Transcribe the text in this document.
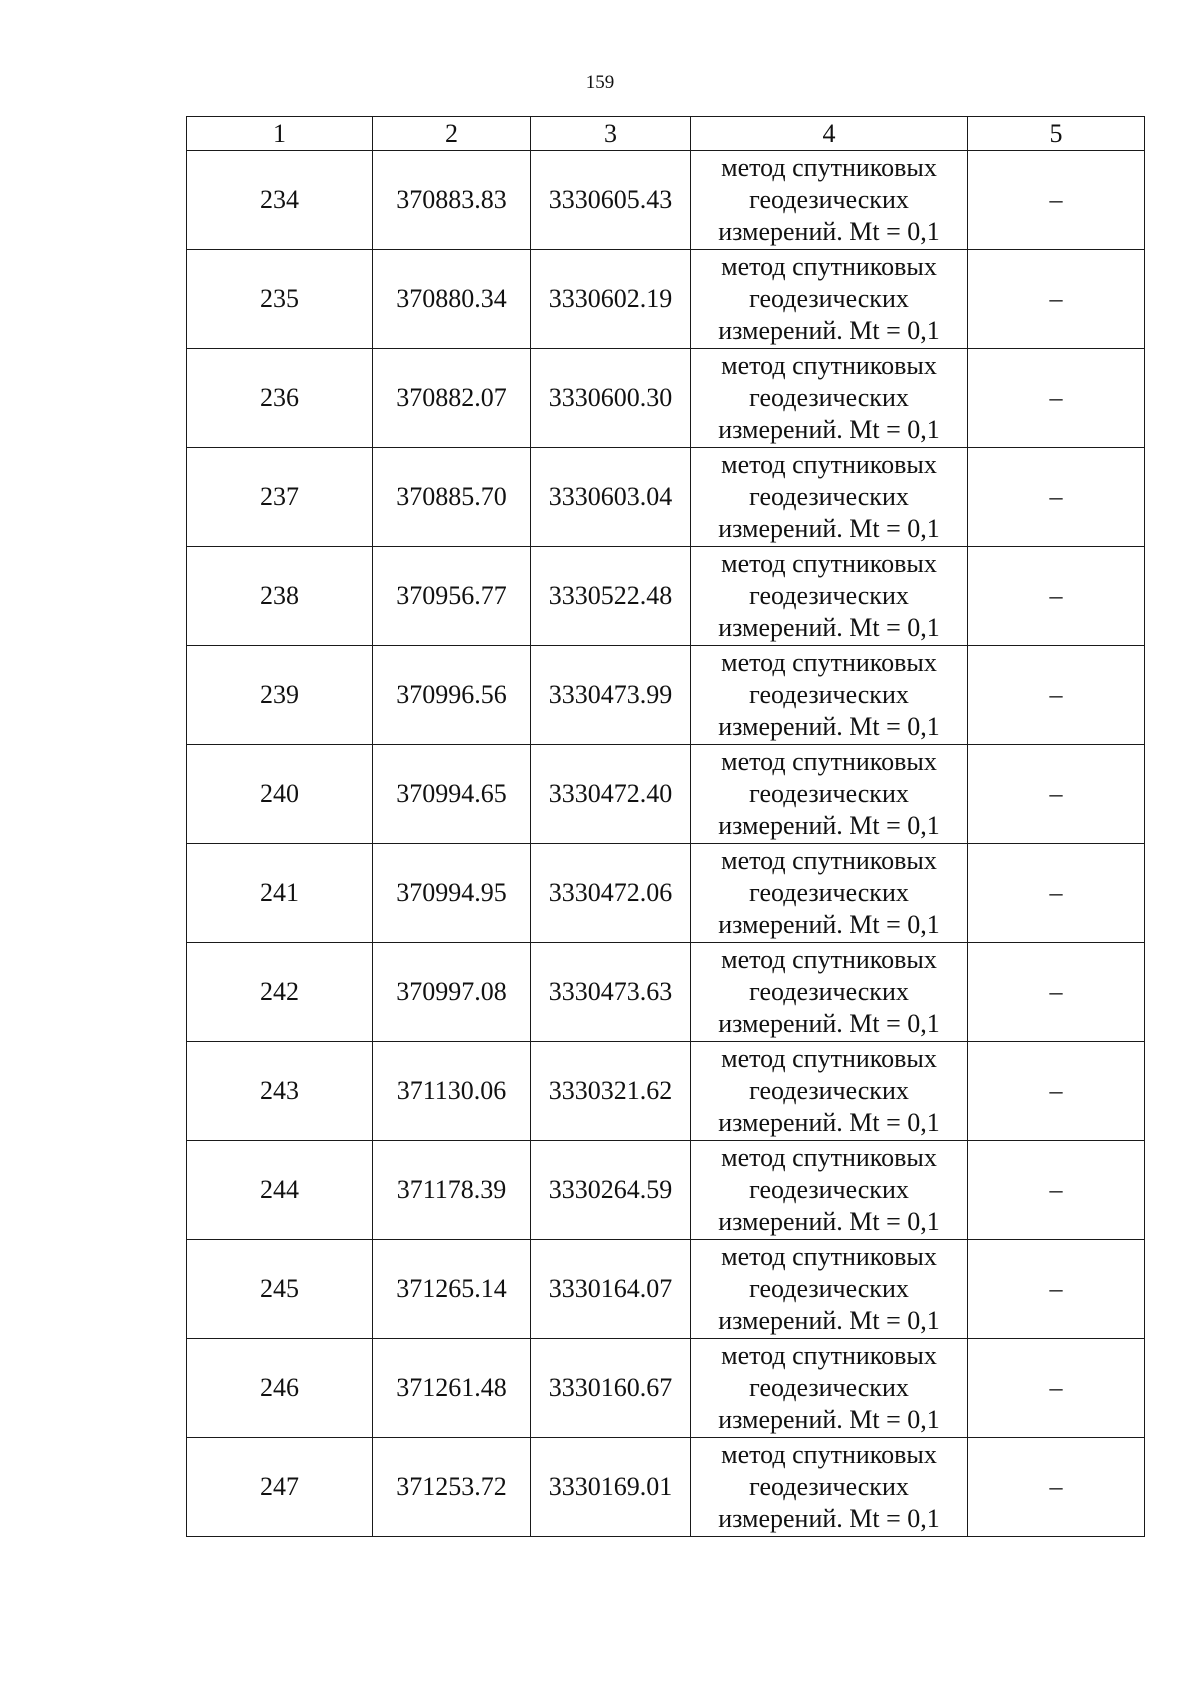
159
1	2	3	4	5
234	370883.83	3330605.43	метод спутниковых
геодезических
измерений. Mt = 0,1	–
235	370880.34	3330602.19	метод спутниковых
геодезических
измерений. Mt = 0,1	–
236	370882.07	3330600.30	метод спутниковых
геодезических
измерений. Mt = 0,1	–
237	370885.70	3330603.04	метод спутниковых
геодезических
измерений. Mt = 0,1	–
238	370956.77	3330522.48	метод спутниковых
геодезических
измерений. Mt = 0,1	–
239	370996.56	3330473.99	метод спутниковых
геодезических
измерений. Mt = 0,1	–
240	370994.65	3330472.40	метод спутниковых
геодезических
измерений. Mt = 0,1	–
241	370994.95	3330472.06	метод спутниковых
геодезических
измерений. Mt = 0,1	–
242	370997.08	3330473.63	метод спутниковых
геодезических
измерений. Mt = 0,1	–
243	371130.06	3330321.62	метод спутниковых
геодезических
измерений. Mt = 0,1	–
244	371178.39	3330264.59	метод спутниковых
геодезических
измерений. Mt = 0,1	–
245	371265.14	3330164.07	метод спутниковых
геодезических
измерений. Mt = 0,1	–
246	371261.48	3330160.67	метод спутниковых
геодезических
измерений. Mt = 0,1	–
247	371253.72	3330169.01	метод спутниковых
геодезических
измерений. Mt = 0,1	–
